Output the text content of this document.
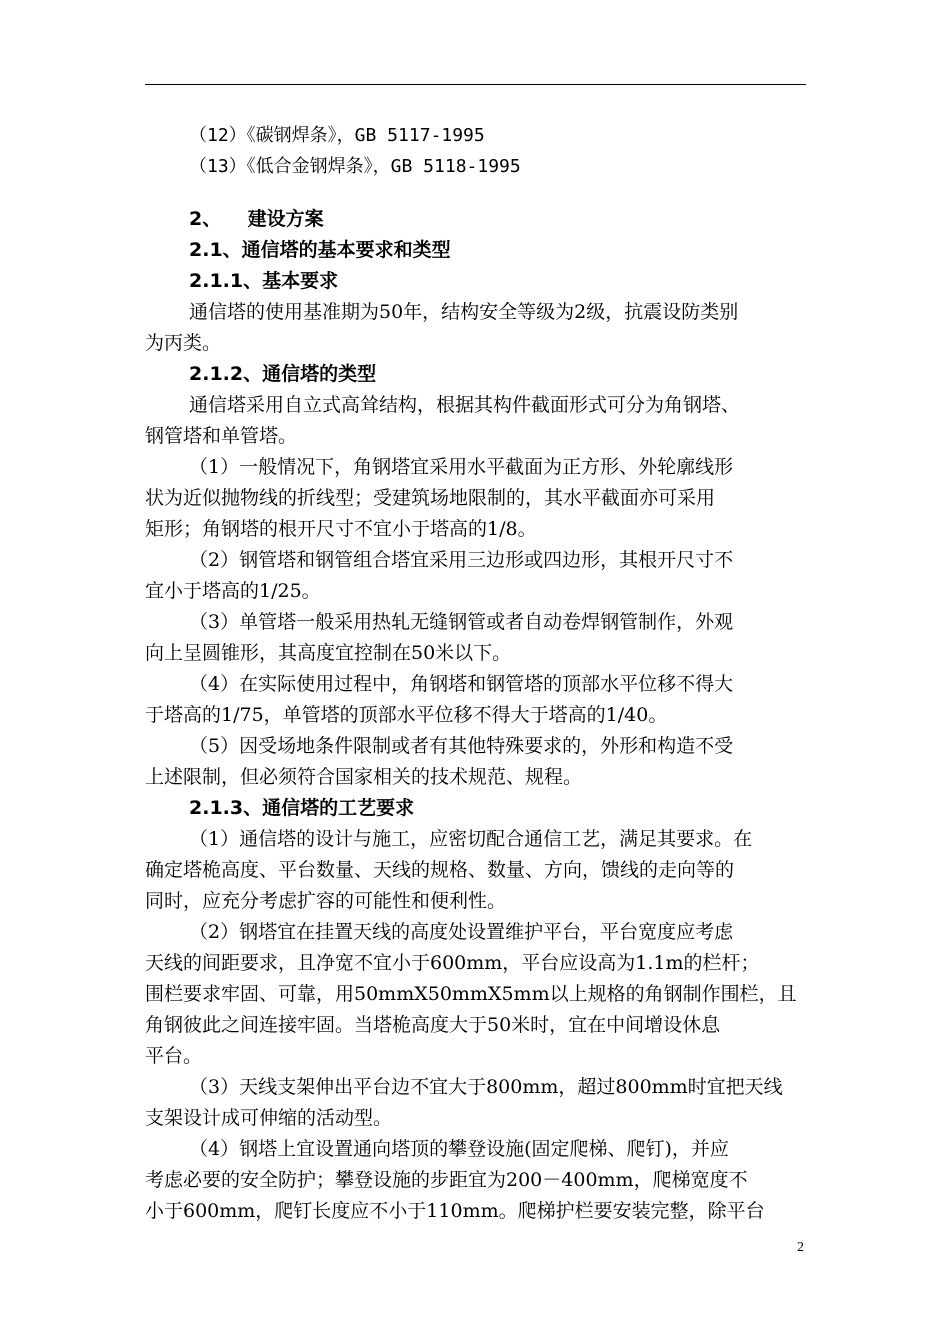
（12）《碳钢焊条》，GB 5117-1995
（13）《低合金钢焊条》，GB 5118-1995
2、    建设方案
2.1、通信塔的基本要求和类型
2.1.1、基本要求
通信塔的使用基准期为50年，结构安全等级为2级，抗震设防类别
为丙类。
2.1.2、通信塔的类型
通信塔采用自立式高耸结构，根据其构件截面形式可分为角钢塔、
钢管塔和单管塔。
（1）一般情况下，角钢塔宜采用水平截面为正方形、外轮廓线形
状为近似抛物线的折线型；受建筑场地限制的，其水平截面亦可采用
矩形；角钢塔的根开尺寸不宜小于塔高的1/8。
（2）钢管塔和钢管组合塔宜采用三边形或四边形，其根开尺寸不
宜小于塔高的1/25。
（3）单管塔一般采用热轧无缝钢管或者自动卷焊钢管制作，外观
向上呈圆锥形，其高度宜控制在50米以下。
（4）在实际使用过程中，角钢塔和钢管塔的顶部水平位移不得大
于塔高的1/75，单管塔的顶部水平位移不得大于塔高的1/40。
（5）因受场地条件限制或者有其他特殊要求的，外形和构造不受
上述限制，但必须符合国家相关的技术规范、规程。
2.1.3、通信塔的工艺要求
（1）通信塔的设计与施工，应密切配合通信工艺，满足其要求。在
确定塔桅高度、平台数量、天线的规格、数量、方向，馈线的走向等的
同时，应充分考虑扩容的可能性和便利性。
（2）钢塔宜在挂置天线的高度处设置维护平台，平台宽度应考虑
天线的间距要求，且净宽不宜小于600mm，平台应设高为1.1m的栏杆；
围栏要求牢固、可靠，用50mmX50mmX5mm以上规格的角钢制作围栏，且
角钢彼此之间连接牢固。当塔桅高度大于50米时，宜在中间增设休息
平台。
（3）天线支架伸出平台边不宜大于800mm，超过800mm时宜把天线
支架设计成可伸缩的活动型。
（4）钢塔上宜设置通向塔顶的攀登设施(固定爬梯、爬钉)，并应
考虑必要的安全防护；攀登设施的步距宜为200－400mm，爬梯宽度不
小于600mm，爬钉长度应不小于110mm。爬梯护栏要安装完整，除平台
2
